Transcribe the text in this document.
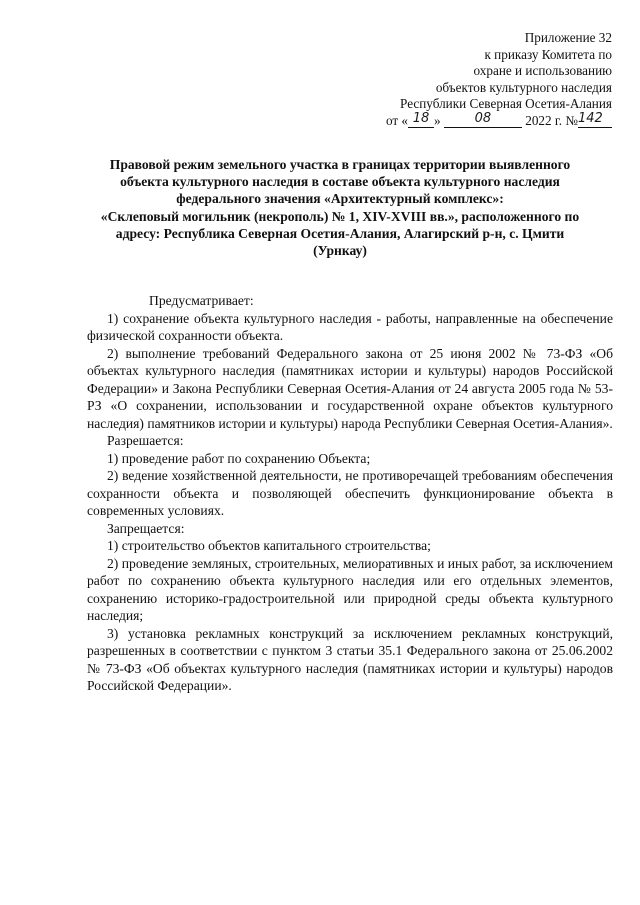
Приложение 32
к приказу Комитета по
охране и использованию
объектов культурного наследия
Республики Северная Осетия-Алания
от « 18 »	08	2022 г. №142
Правовой режим земельного участка в границах территории выявленного
объекта культурного наследия в составе объекта культурного наследия
федерального значения «Архитектурный комплекс»:
«Склеповый могильник (некрополь) № 1, XIV-XVIII вв.», расположенного по
адресу: Республика Северная Осетия-Алания, Алагирский р-н, с. Цмити
(Урнкау)

Предусматривает:

1) сохранение объекта культурного наследия - работы, направленные на обеспечение физической сохранности объекта.

2) выполнение требований Федерального закона от 25 июня 2002 № 73-ФЗ «Об объектах культурного наследия (памятниках истории и культуры) народов Российской Федерации» и Закона Республики Северная Осетия-Алания от 24 августа 2005 года № 53-РЗ «О сохранении, использовании и государственной охране объектов культурного наследия) памятников истории и культуры) народа Республики Северная Осетия-Алания».

Разрешается:

1) проведение работ по сохранению Объекта;

2) ведение хозяйственной деятельности, не противоречащей требованиям обеспечения сохранности объекта и позволяющей обеспечить функционирование объекта в современных условиях.

Запрещается:

1) строительство объектов капитального строительства;

2) проведение земляных, строительных, мелиоративных и иных работ, за исключением работ по сохранению объекта культурного наследия или его отдельных элементов, сохранению историко-градостроительной или природной среды объекта культурного наследия;

3) установка рекламных конструкций за исключением рекламных конструкций, разрешенных в соответствии с пунктом 3 статьи 35.1 Федерального закона от 25.06.2002 № 73-ФЗ «Об объектах культурного наследия (памятниках истории и культуры) народов Российской Федерации».
